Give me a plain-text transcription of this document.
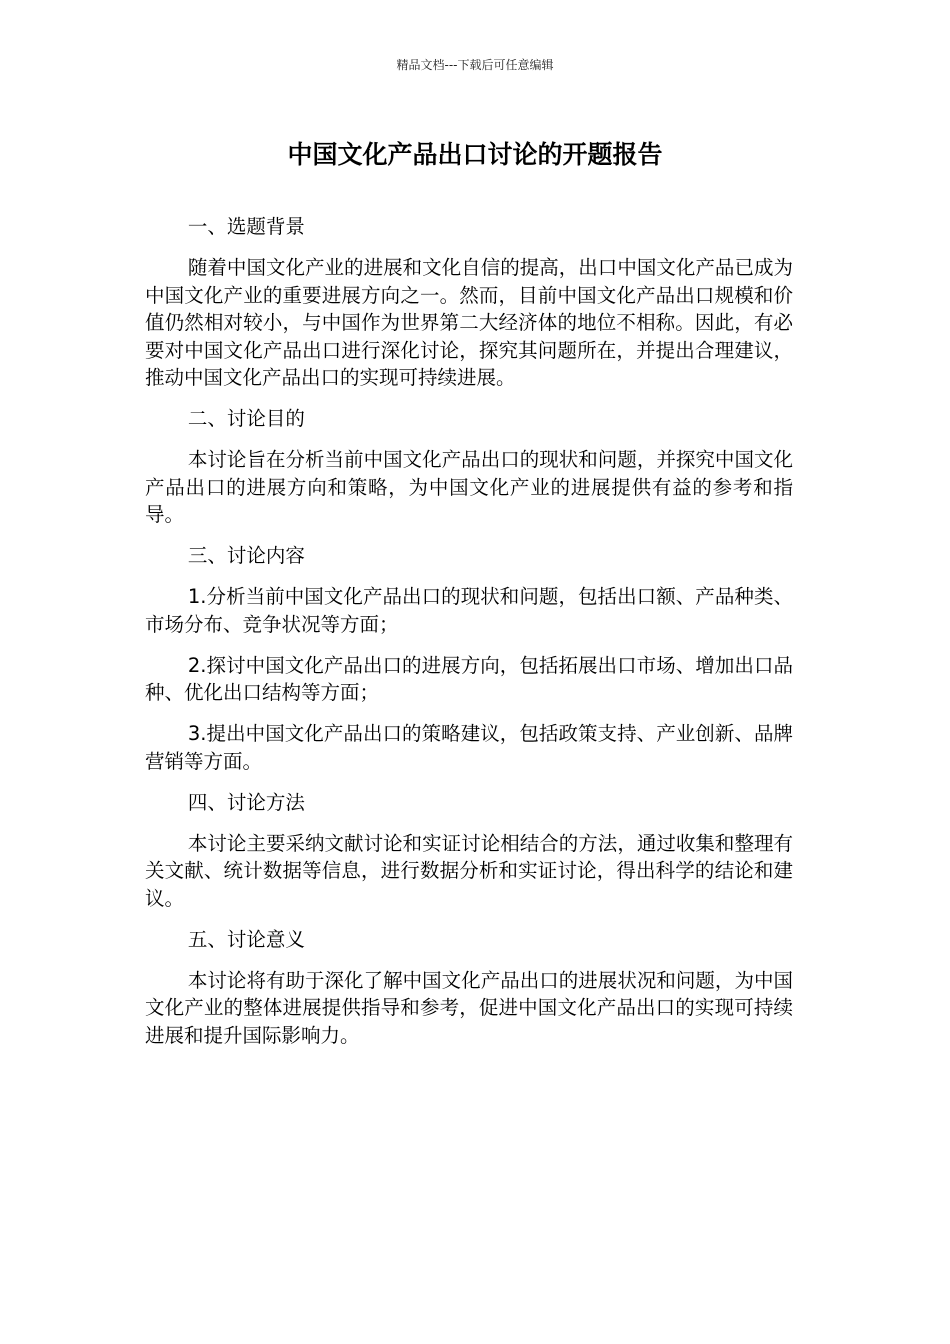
精品文档---下载后可任意编辑
中国文化产品出口讨论的开题报告
一、选题背景

随着中国文化产业的进展和文化自信的提高，出口中国文化产品已成为中国文化产业的重要进展方向之一。然而，目前中国文化产品出口规模和价值仍然相对较小，与中国作为世界第二大经济体的地位不相称。因此，有必要对中国文化产品出口进行深化讨论，探究其问题所在，并提出合理建议，推动中国文化产品出口的实现可持续进展。

二、讨论目的

本讨论旨在分析当前中国文化产品出口的现状和问题，并探究中国文化产品出口的进展方向和策略，为中国文化产业的进展提供有益的参考和指导。

三、讨论内容

1.分析当前中国文化产品出口的现状和问题，包括出口额、产品种类、市场分布、竞争状况等方面；

2.探讨中国文化产品出口的进展方向，包括拓展出口市场、增加出口品种、优化出口结构等方面；

3.提出中国文化产品出口的策略建议，包括政策支持、产业创新、品牌营销等方面。

四、讨论方法

本讨论主要采纳文献讨论和实证讨论相结合的方法，通过收集和整理有关文献、统计数据等信息，进行数据分析和实证讨论，得出科学的结论和建议。

五、讨论意义

本讨论将有助于深化了解中国文化产品出口的进展状况和问题，为中国文化产业的整体进展提供指导和参考，促进中国文化产品出口的实现可持续进展和提升国际影响力。
